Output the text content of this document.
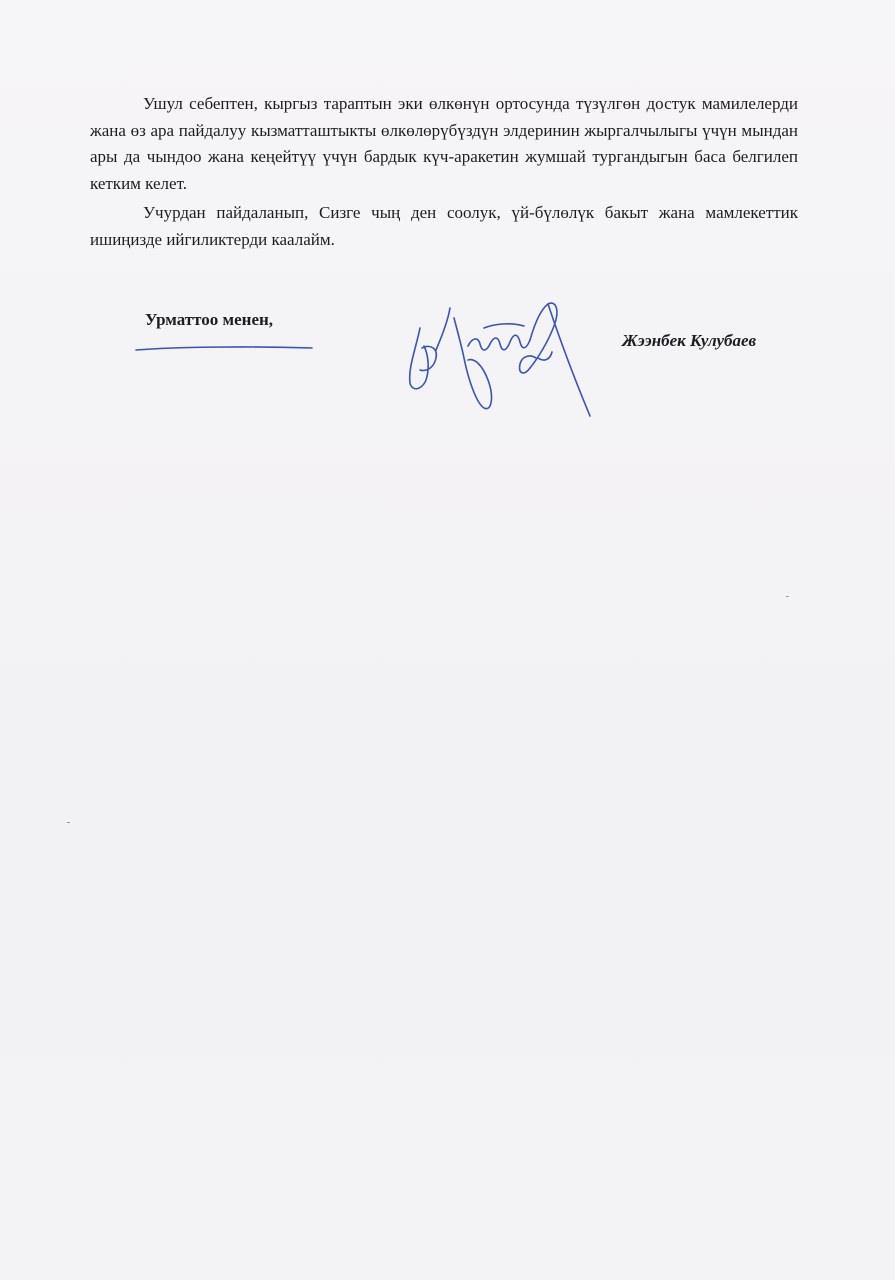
Ушул себептен, кыргыз тараптын эки өлкөнүн ортосунда түзүлгөн достук мамилелерди жана өз ара пайдалуу кызматташтыкты өлкөлөрүбүздүн элдеринин жыргалчылыгы үчүн мындан ары да чындоо жана кеңейтүү үчүн бардык күч-аракетин жумшай тургандыгын баса белгилеп кетким келет.

Учурдан пайдаланып, Сизге чың ден соолук, үй-бүлөлүк бакыт жана мамлекеттик ишиңизде ийгиликтерди каалайм.

Урматтоо менен,

Жээнбек Кулубаев
